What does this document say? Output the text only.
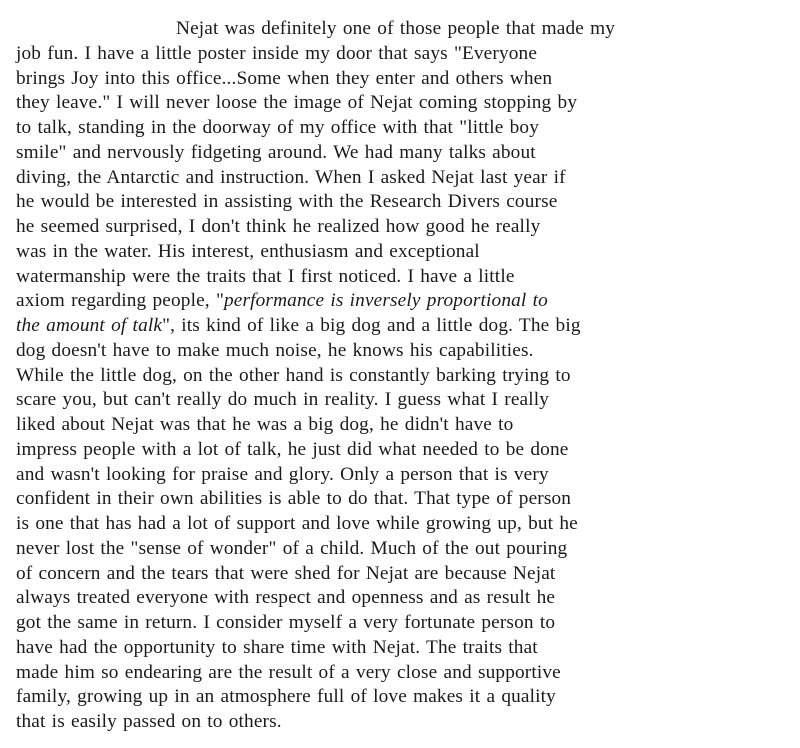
Nejat was definitely one of those people that made my
job fun. I have a little poster inside my door that says "Everyone
brings Joy into this office...Some when they enter and others when
they leave." I will never loose the image of Nejat coming stopping by
to talk, standing in the doorway of my office with that "little boy
smile" and nervously fidgeting around. We had many talks about
diving, the Antarctic and instruction. When I asked Nejat last year if
he would be interested in assisting with the Research Divers course
he seemed surprised, I don't think he realized how good he really
was in the water. His interest, enthusiasm and exceptional
watermanship were the traits that I first noticed. I have a little
axiom regarding people, "performance is inversely proportional to
the amount of talk", its kind of like a big dog and a little dog. The big
dog doesn't have to make much noise, he knows his capabilities.
While the little dog, on the other hand is constantly barking trying to
scare you, but can't really do much in reality. I guess what I really
liked about Nejat was that he was a big dog, he didn't have to
impress people with a lot of talk, he just did what needed to be done
and wasn't looking for praise and glory. Only a person that is very
confident in their own abilities is able to do that. That type of person
is one that has had a lot of support and love while growing up, but he
never lost the "sense of wonder" of a child. Much of the out pouring
of concern and the tears that were shed for Nejat are because Nejat
always treated everyone with respect and openness and as result he
got the same in return. I consider myself a very fortunate person to
have had the opportunity to share time with Nejat. The traits that
made him so endearing are the result of a very close and supportive
family, growing up in an atmosphere full of love makes it a quality
that is easily passed on to others.
